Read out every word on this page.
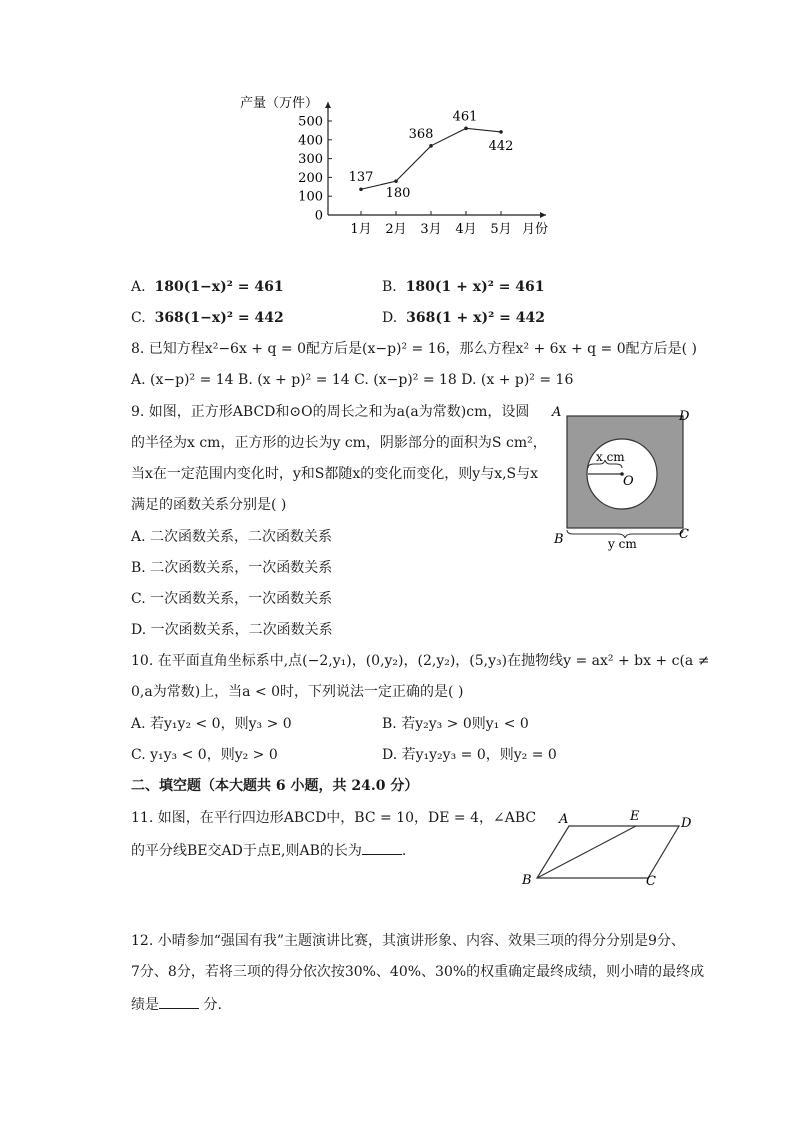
0
100
200
300
400
500
1月 2月 3月 4月 5月
137
180
368
461
442
产量（万件）
月份
A. 180(1−x)² = 461	B. 180(1 + x)² = 461
C. 368(1−x)² = 442	D. 368(1 + x)² = 442
8. 已知方程x²−6x + q = 0配方后是(x−p)² = 16，那么方程x² + 6x + q = 0配方后是( )
A. (x−p)² = 14 B. (x + p)² = 14 C. (x−p)² = 18 D. (x + p)² = 16
9. 如图，正方形ABCD和⊙O的周长之和为a(a为常数)cm，设圆
的半径为x cm，正方形的边长为y cm，阴影部分的面积为S cm²，
当x在一定范围内变化时，y和S都随x的变化而变化，则y与x,S与x
满足的函数关系分别是( )
A. 二次函数关系，二次函数关系
B. 二次函数关系，一次函数关系
C. 一次函数关系，一次函数关系
D. 一次函数关系，二次函数关系
A	D
B	C
O
x cm
y cm
10. 在平面直角坐标系中,点(−2,y₁)，(0,y₂)，(2,y₂)，(5,y₃)在抛物线y = ax² + bx + c(a ≠
0,a为常数)上，当a < 0时，下列说法一定正确的是( )
A. 若y₁y₂ < 0，则y₃ > 0	B. 若y₂y₃ > 0则y₁ < 0
C. y₁y₃ < 0，则y₂ > 0	D. 若y₁y₂y₃ = 0，则y₂ = 0
二、填空题（本大题共 6 小题，共 24.0 分）
11. 如图，在平行四边形ABCD中，BC = 10，DE = 4，∠ABC
的平分线BE交AD于点E,则AB的长为	.
A	E	D
B	C
12. 小晴参加“强国有我”主题演讲比赛，其演讲形象、内容、效果三项的得分分别是9分、
7分、8分，若将三项的得分依次按30%、40%、30%的权重确定最终成绩，则小晴的最终成
绩是	分.
